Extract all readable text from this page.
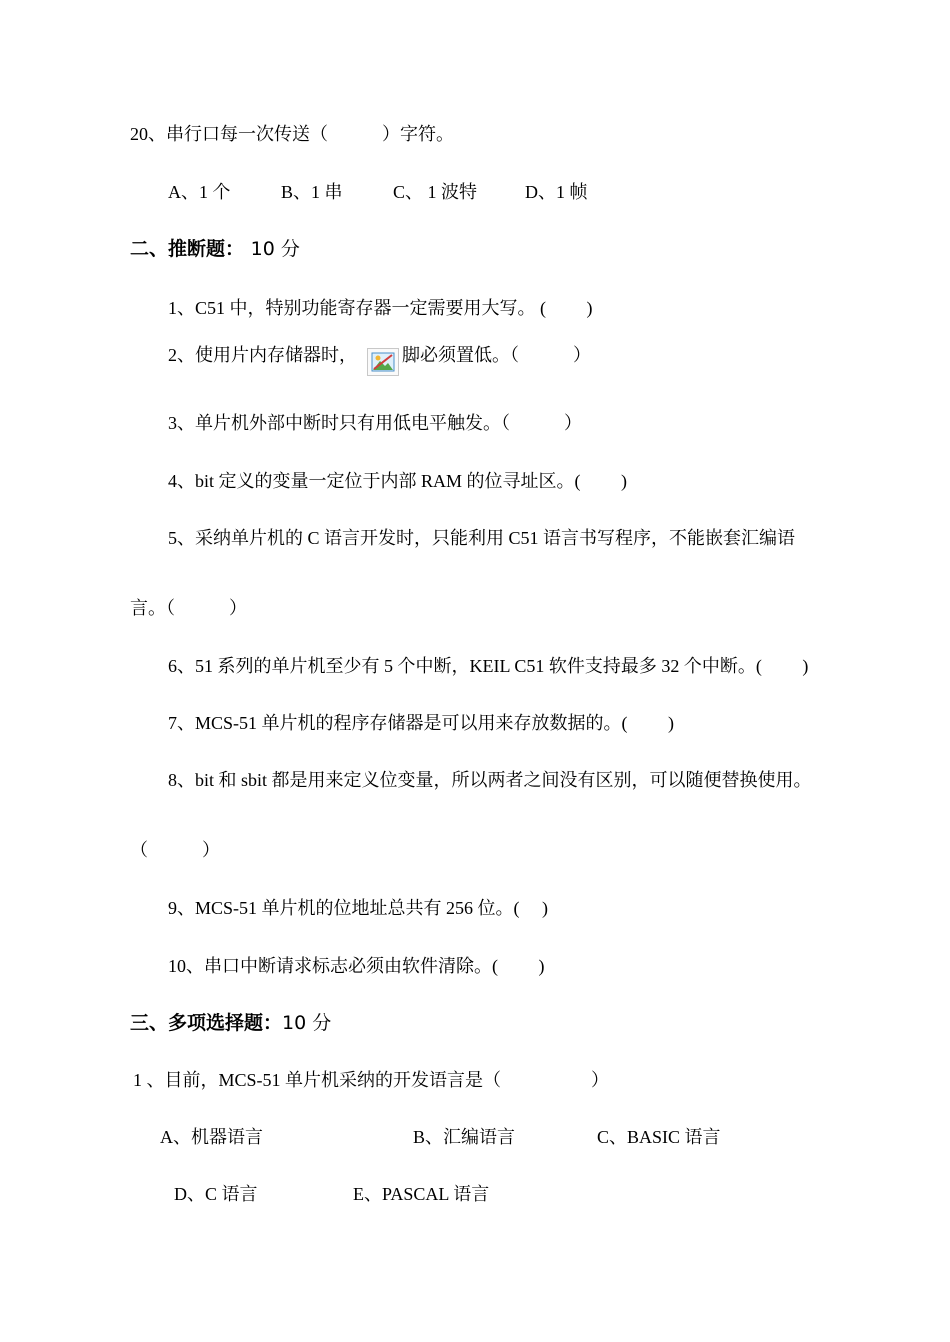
20、串行口每一次传送（　　　）字符。
A、1 个	B、1 串	C、 1 波特	D、1 帧
二、推断题： 10 分
1、C51 中，特别功能寄存器一定需要用大写。 (　　 )
2、使用片内存储器时，	脚必须置低。（　　　）
3、单片机外部中断时只有用低电平触发。（　　　）
4、bit 定义的变量一定位于内部 RAM 的位寻址区。(　　 )
5、采纳单片机的 C 语言开发时，只能利用 C51 语言书写程序，不能嵌套汇编语
言。（　　　）
6、51 系列的单片机至少有 5 个中断，KEIL C51 软件支持最多 32 个中断。(　　 )
7、MCS-51 单片机的程序存储器是可以用来存放数据的。(　　 )
8、bit 和 sbit 都是用来定义位变量，所以两者之间没有区别，可以随便替换使用。
（　　　）
9、MCS-51 单片机的位地址总共有 256 位。(　 )
10、串口中断请求标志必须由软件清除。(　　 )
三、多项选择题：10 分
1 、目前，MCS-51 单片机采纳的开发语言是（　　　　　）
A、机器语言	B、汇编语言	C、BASIC 语言
D、C 语言	E、PASCAL 语言
